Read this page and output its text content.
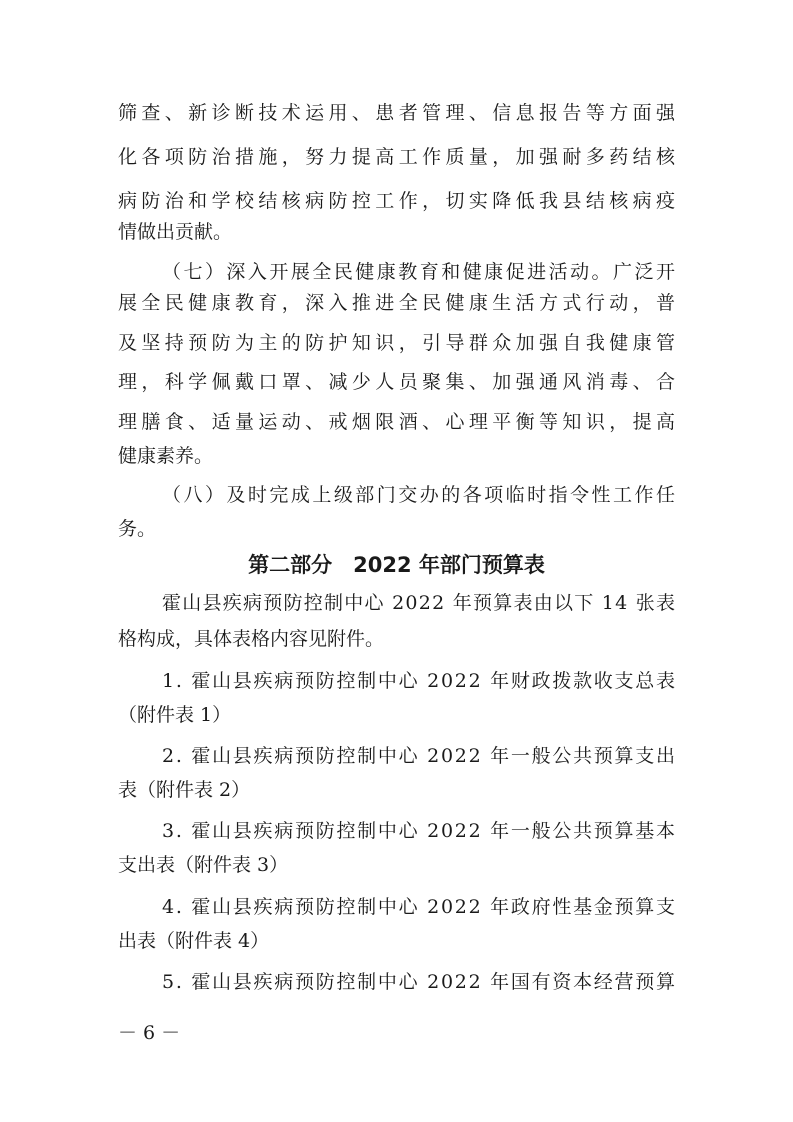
筛查、新诊断技术运用、患者管理、信息报告等方面强
化各项防治措施，努力提高工作质量，加强耐多药结核
病防治和学校结核病防控工作，切实降低我县结核病疫
情做出贡献。
（七）深入开展全民健康教育和健康促进活动。广泛开
展全民健康教育，深入推进全民健康生活方式行动，普
及坚持预防为主的防护知识，引导群众加强自我健康管
理，科学佩戴口罩、减少人员聚集、加强通风消毒、合
理膳食、适量运动、戒烟限酒、心理平衡等知识，提高
健康素养。
（八）及时完成上级部门交办的各项临时指令性工作任
务。
第二部分　2022 年部门预算表
霍山县疾病预防控制中心 2022 年预算表由以下 14 张表
格构成，具体表格内容见附件。
1. 霍山县疾病预防控制中心 2022 年财政拨款收支总表
（附件表 1）
2. 霍山县疾病预防控制中心 2022 年一般公共预算支出
表（附件表 2）
3. 霍山县疾病预防控制中心 2022 年一般公共预算基本
支出表（附件表 3）
4. 霍山县疾病预防控制中心 2022 年政府性基金预算支
出表（附件表 4）
5. 霍山县疾病预防控制中心 2022 年国有资本经营预算
－ 6 －
